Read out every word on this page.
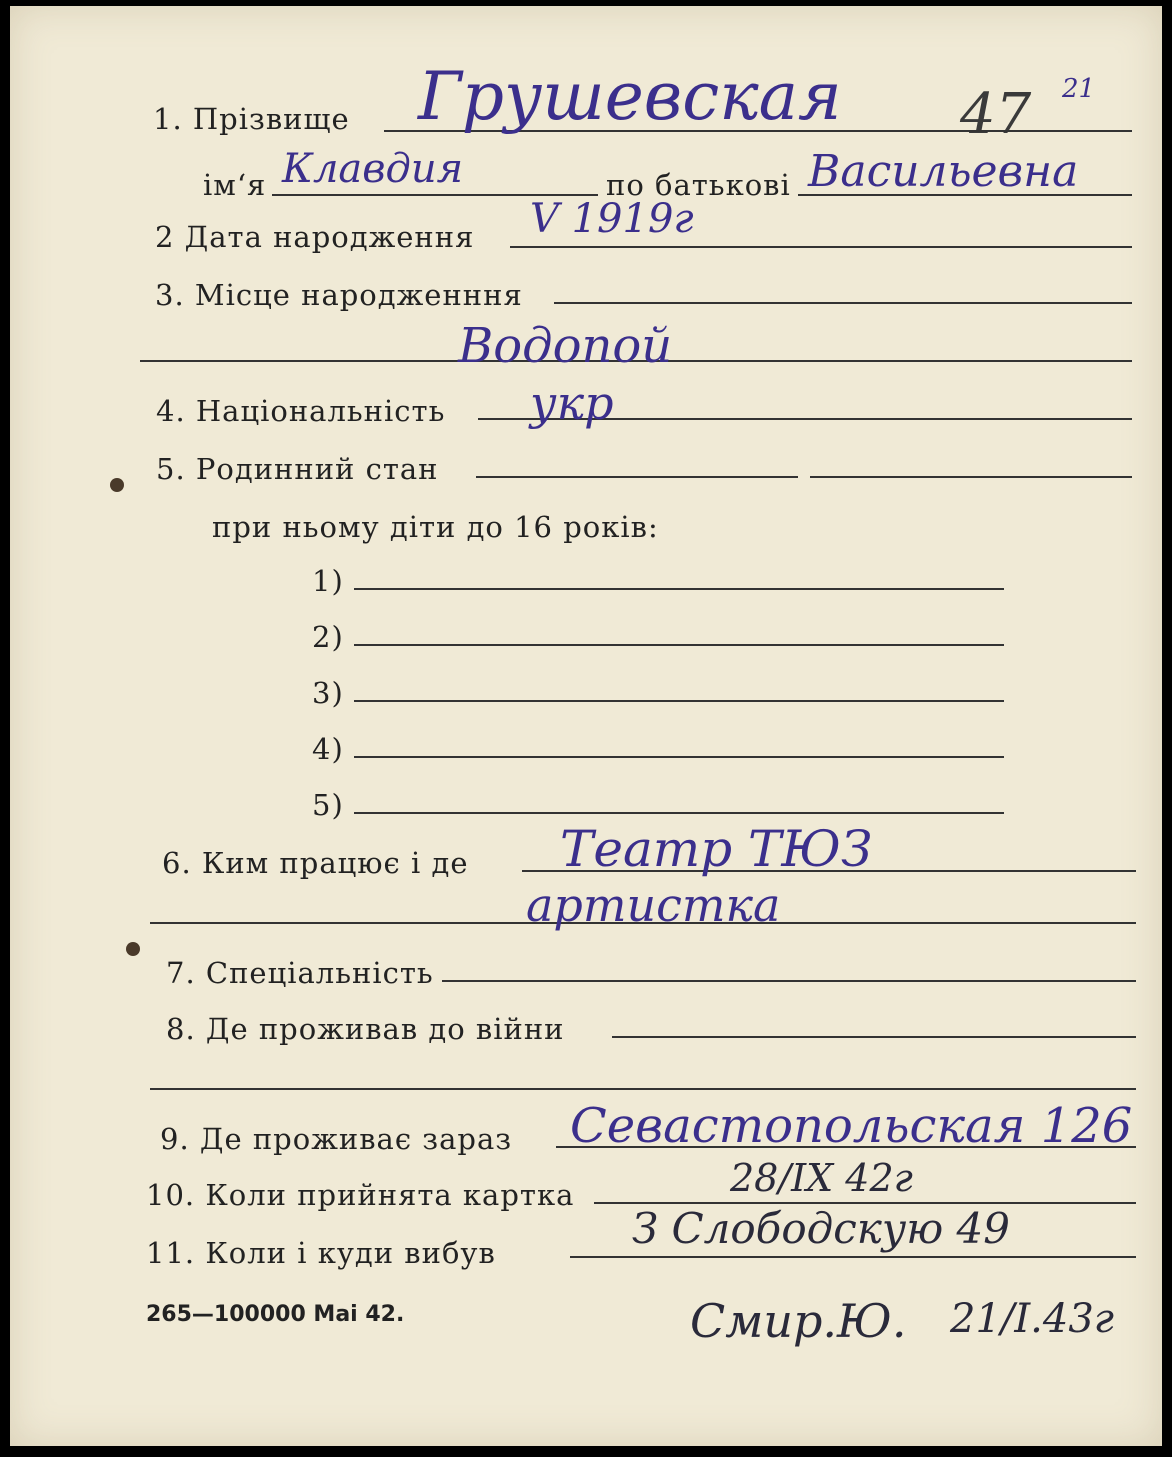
21
47
1. Прізвище Грушевская
ім‘я Клавдия	по батькові Васильевна
2 Дата народження V 1919г
3. Місце народженння
Водопой
4. Національність укр
5. Родинний стан
при ньому діти до 16 років:
1)
2)
3)
4)
5)
6. Ким працює і де Театр ТЮЗ
артистка
7. Спеціальність
8. Де проживав до війни
9. Де проживає зараз Севастопольская 126
10. Коли прийнята картка	28/IX 42г
11. Коли і куди вибув	З Слободскую 49
265—100000 Маі 42.	Смир.Ю. 21/I.43г
